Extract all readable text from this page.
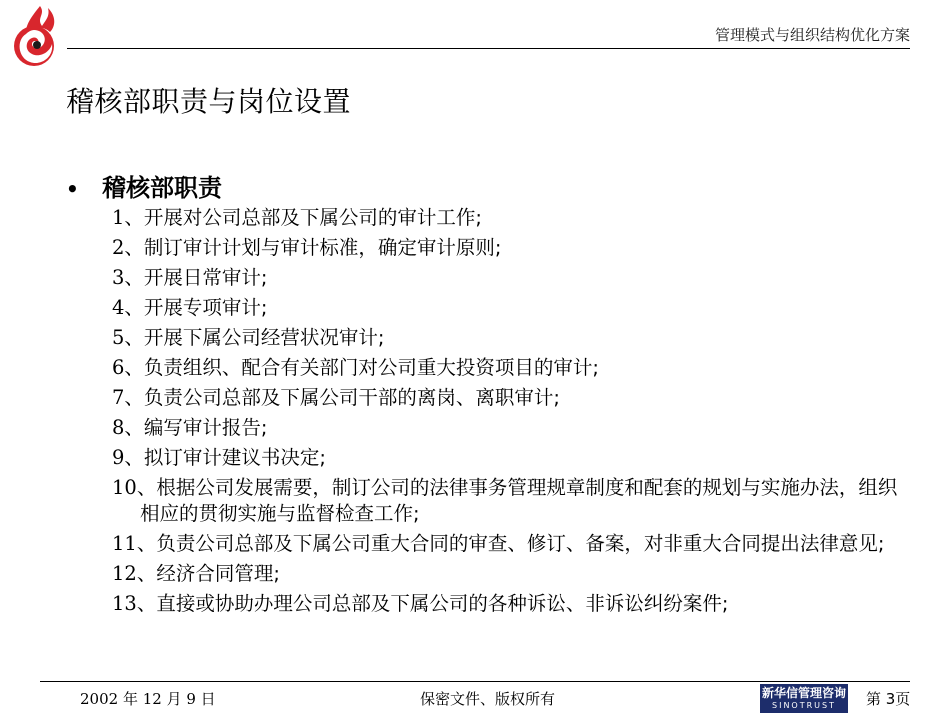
管理模式与组织结构优化方案
稽核部职责与岗位设置
• 稽核部职责
1、开展对公司总部及下属公司的审计工作;
2、制订审计计划与审计标准，确定审计原则;
3、开展日常审计;
4、开展专项审计;
5、开展下属公司经营状况审计;
6、负责组织、配合有关部门对公司重大投资项目的审计;
7、负责公司总部及下属公司干部的离岗、离职审计;
8、编写审计报告;
9、拟订审计建议书决定;
10、根据公司发展需要，制订公司的法律事务管理规章制度和配套的规划与实施办法，组织相应的贯彻实施与监督检查工作;
11、负责公司总部及下属公司重大合同的审查、修订、备案，对非重大合同提出法律意见;
12、经济合同管理;
13、直接或协助办理公司总部及下属公司的各种诉讼、非诉讼纠纷案件;
2002 年 12 月 9 日	保密文件、版权所有	新华信管理咨询
SINOTRUST	第 3页
